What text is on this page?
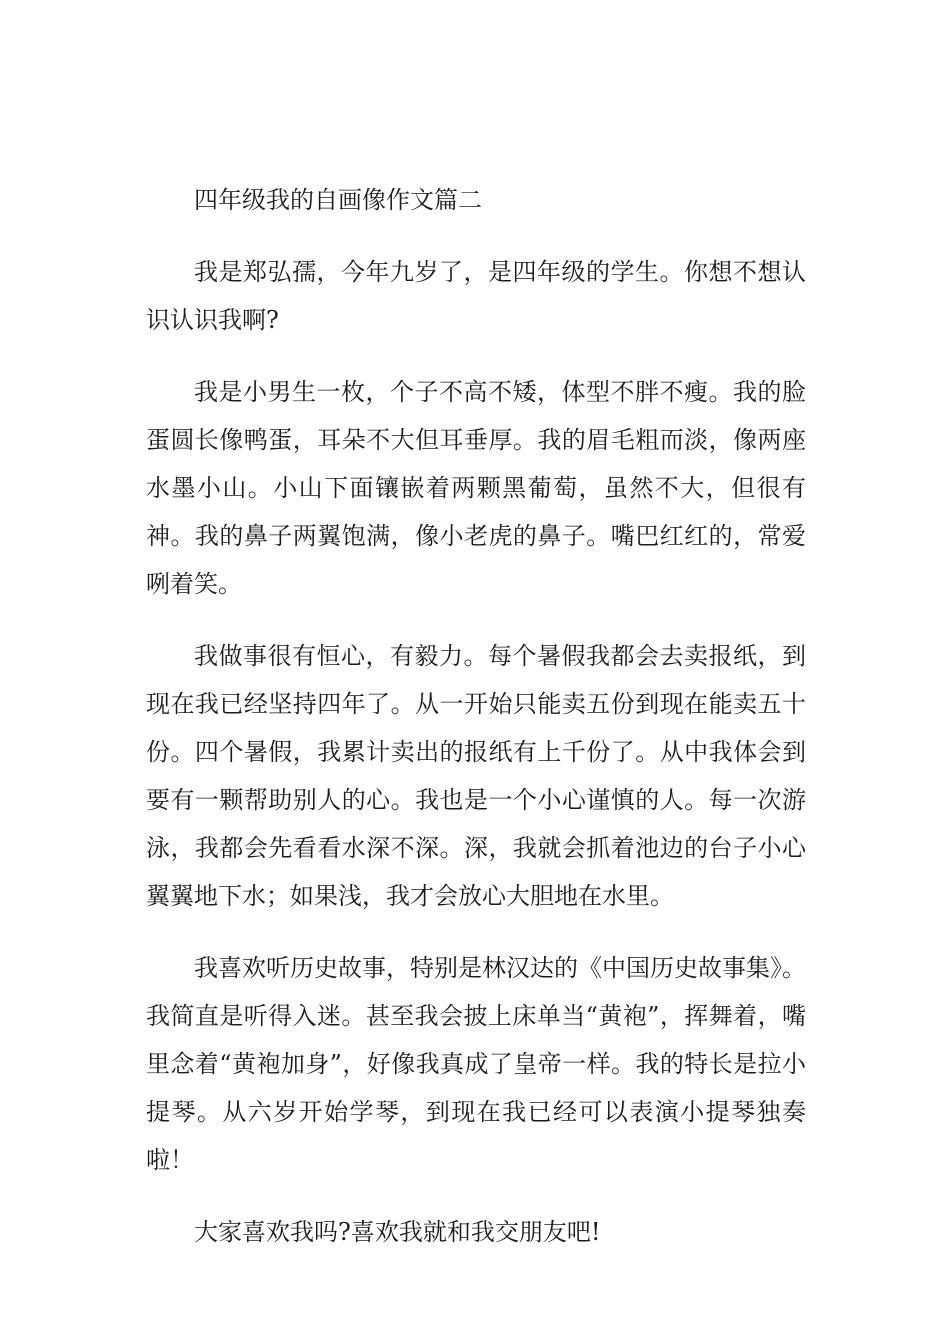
四年级我的自画像作文篇二

我是郑弘孺，今年九岁了，是四年级的学生。你想不想认识认识我啊?

我是小男生一枚，个子不高不矮，体型不胖不瘦。我的脸蛋圆长像鸭蛋，耳朵不大但耳垂厚。我的眉毛粗而淡，像两座水墨小山。小山下面镶嵌着两颗黑葡萄，虽然不大，但很有神。我的鼻子两翼饱满，像小老虎的鼻子。嘴巴红红的，常爱咧着笑。

我做事很有恒心，有毅力。每个暑假我都会去卖报纸，到现在我已经坚持四年了。从一开始只能卖五份到现在能卖五十份。四个暑假，我累计卖出的报纸有上千份了。从中我体会到要有一颗帮助别人的心。我也是一个小心谨慎的人。每一次游泳，我都会先看看水深不深。深，我就会抓着池边的台子小心翼翼地下水；如果浅，我才会放心大胆地在水里。

我喜欢听历史故事，特别是林汉达的《中国历史故事集》。我简直是听得入迷。甚至我会披上床单当“黄袍”，挥舞着，嘴里念着“黄袍加身”，好像我真成了皇帝一样。我的特长是拉小提琴。从六岁开始学琴，到现在我已经可以表演小提琴独奏啦！

大家喜欢我吗?喜欢我就和我交朋友吧!
